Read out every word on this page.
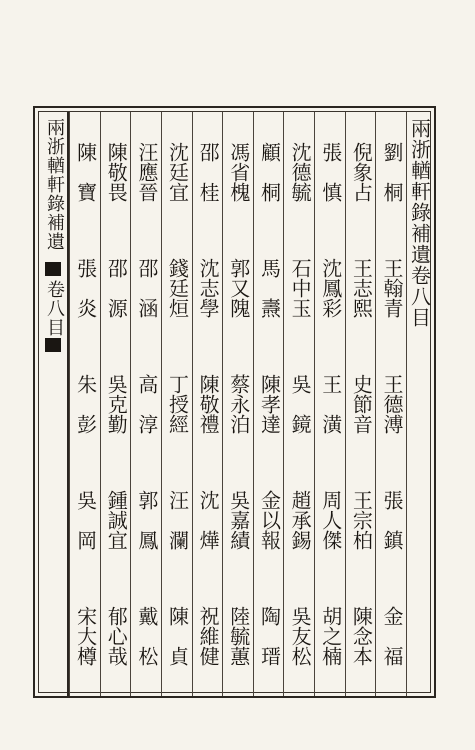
兩浙輶軒錄補遺
卷八目	兩浙輶軒錄補遺卷八目
劉　桐
王翰青
王德溥
張　鎮
金　福
倪象占
王志熙
史節音
王宗柏
陳念本
張　慎
沈鳳彩
王　潢
周人傑
胡之楠
沈德毓
石中玉
吳　鏡
趙承錫
吳友松
顧　桐
馬　燾
陳孝達
金以報
陶　瑨
馮省槐
郭又隗
蔡永泊
吳嘉績
陸毓蕙
邵　桂
沈志學
陳敬禮
沈　燁
祝維健
沈廷宜
錢廷烜
丁授經
汪　瀾
陳　貞
汪應晉
邵　涵
高　淳
郭　鳳
戴　松
陳敬畏
邵　源
吳克勤
鍾誠宜
郁心哉
陳　寶
張　炎
朱　彭
吳　岡
宋大樽
